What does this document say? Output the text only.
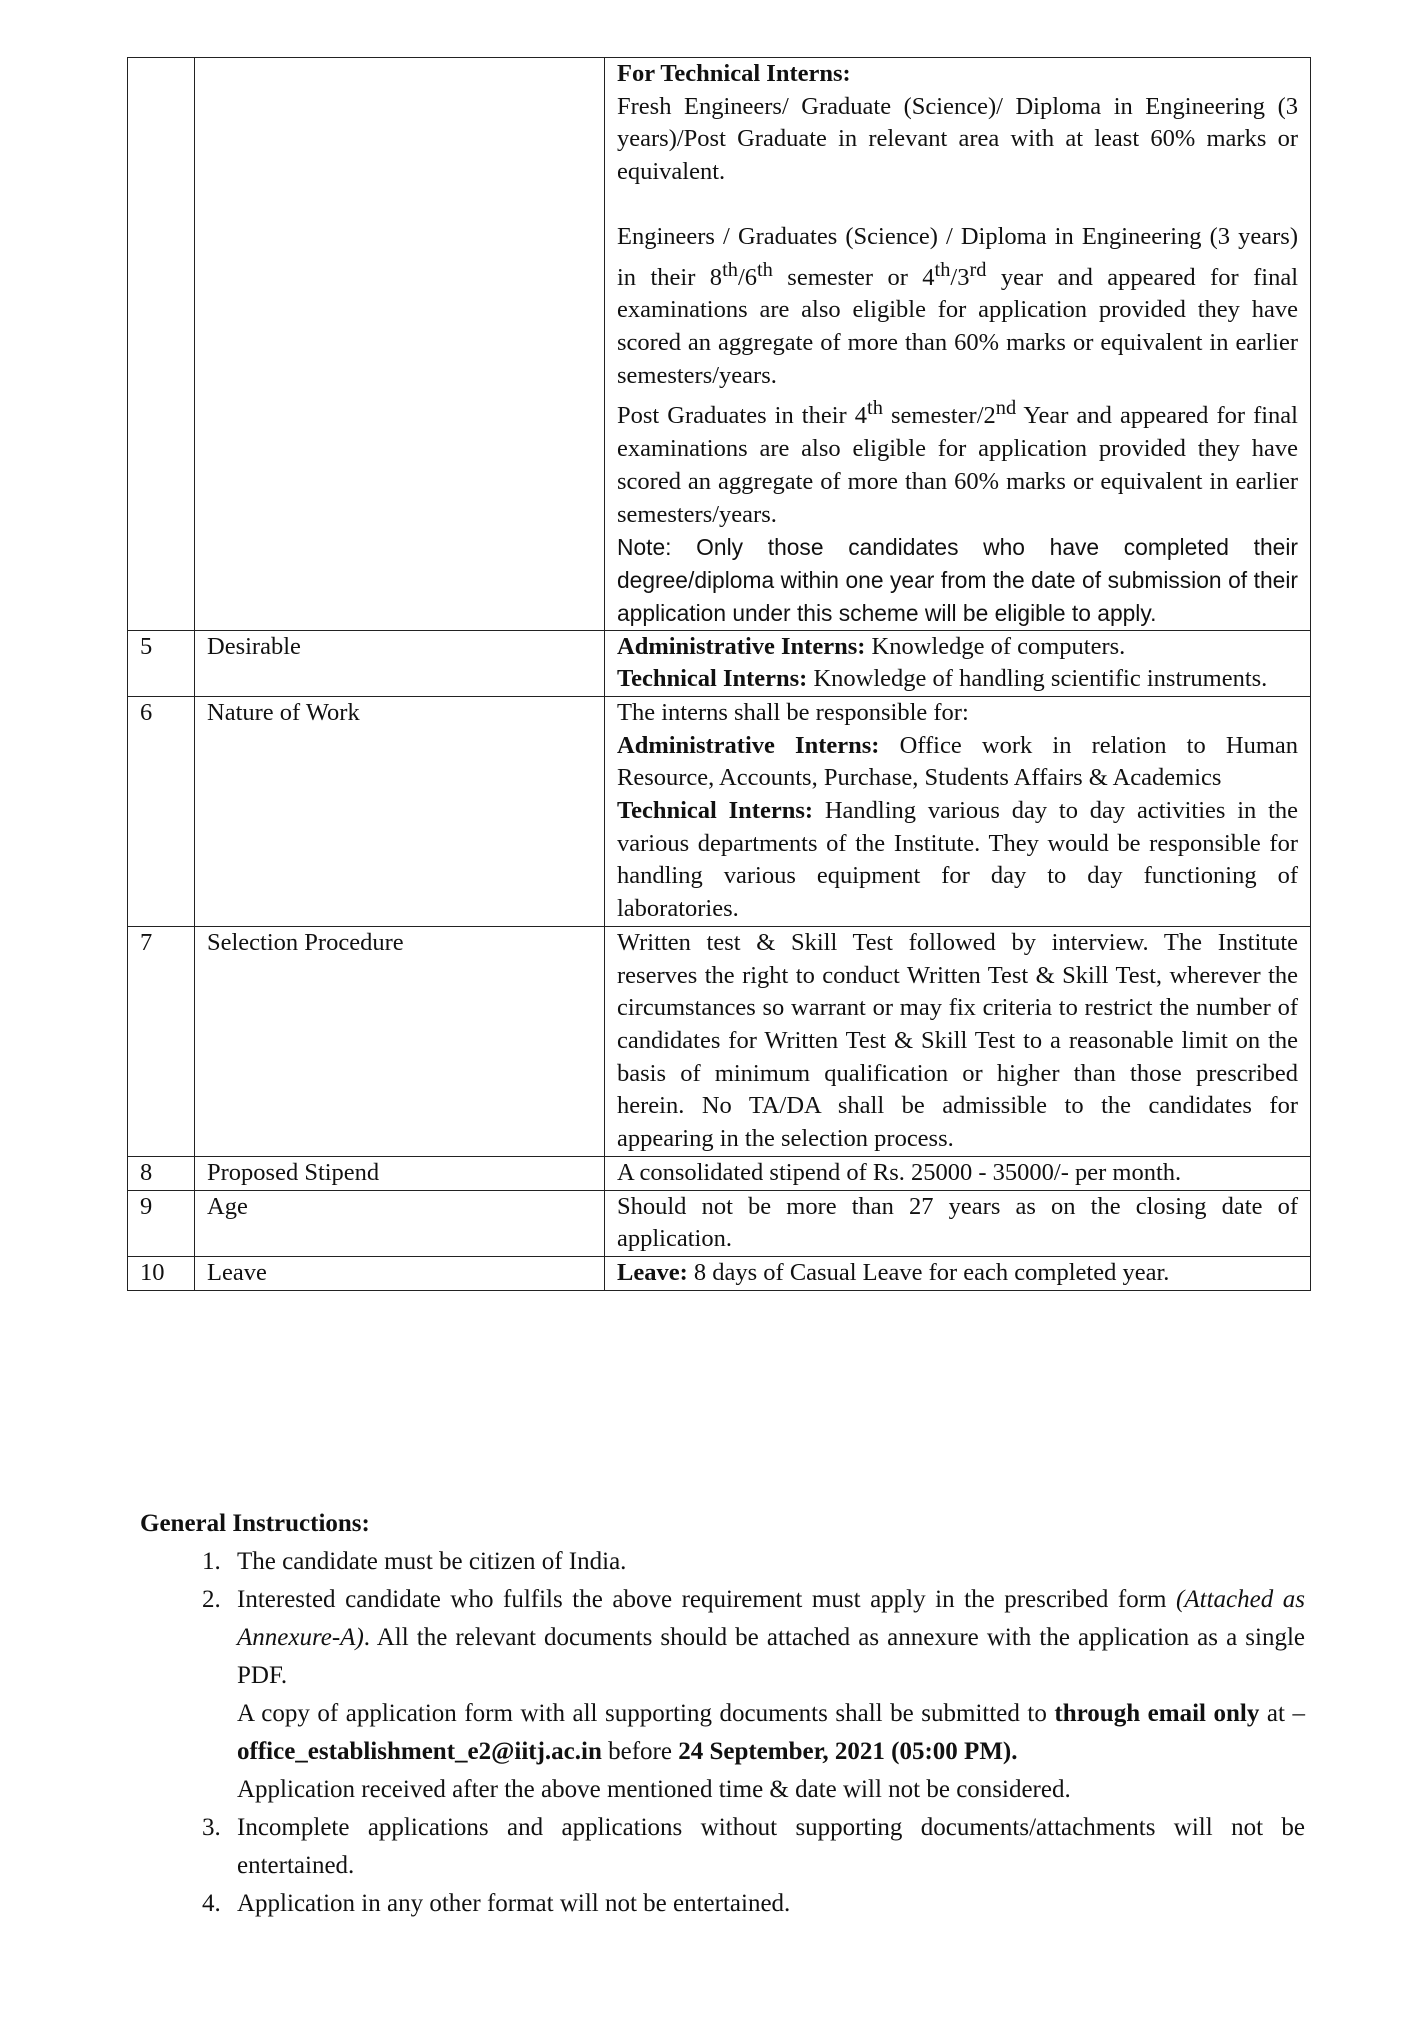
		For Technical Interns:

Fresh Engineers/ Graduate (Science)/ Diploma in Engineering (3 years)/Post Graduate in relevant area with at least 60% marks or equivalent.

Engineers / Graduates (Science) / Diploma in Engineering (3 years) in their 8th/6th semester or 4th/3rd year and appeared for final examinations are also eligible for application provided they have scored an aggregate of more than 60% marks or equivalent in earlier semesters/years.

Post Graduates in their 4th semester/2nd Year and appeared for final examinations are also eligible for application provided they have scored an aggregate of more than 60% marks or equivalent in earlier semesters/years.

Note: Only those candidates who have completed their degree/diploma within one year from the date of submission of their application under this scheme will be eligible to apply.

5	Desirable	Administrative Interns: Knowledge of computers.

Technical Interns: Knowledge of handling scientific instruments.

6	Nature of Work	The interns shall be responsible for:

Administrative Interns: Office work in relation to Human Resource, Accounts, Purchase, Students Affairs & Academics

Technical Interns: Handling various day to day activities in the various departments of the Institute. They would be responsible for handling various equipment for day to day functioning of laboratories.

7	Selection Procedure	Written test & Skill Test followed by interview. The Institute reserves the right to conduct Written Test & Skill Test, wherever the circumstances so warrant or may fix criteria to restrict the number of candidates for Written Test & Skill Test to a reasonable limit on the basis of minimum qualification or higher than those prescribed herein. No TA/DA shall be admissible to the candidates for appearing in the selection process.
8	Proposed Stipend	A consolidated stipend of Rs. 25000 - 35000/- per month.
9	Age	Should not be more than 27 years as on the closing date of application.
10	Leave	Leave: 8 days of Casual Leave for each completed year.
General Instructions:
1. The candidate must be citizen of India.
2. Interested candidate who fulfils the above requirement must apply in the prescribed form (Attached as Annexure-A). All the relevant documents should be attached as annexure with the application as a single PDF.
A copy of application form with all supporting documents shall be submitted to through email only at – office_establishment_e2@iitj.ac.in before 24 September, 2021 (05:00 PM).
Application received after the above mentioned time & date will not be considered.
3. Incomplete applications and applications without supporting documents/attachments will not be entertained.
4. Application in any other format will not be entertained.
